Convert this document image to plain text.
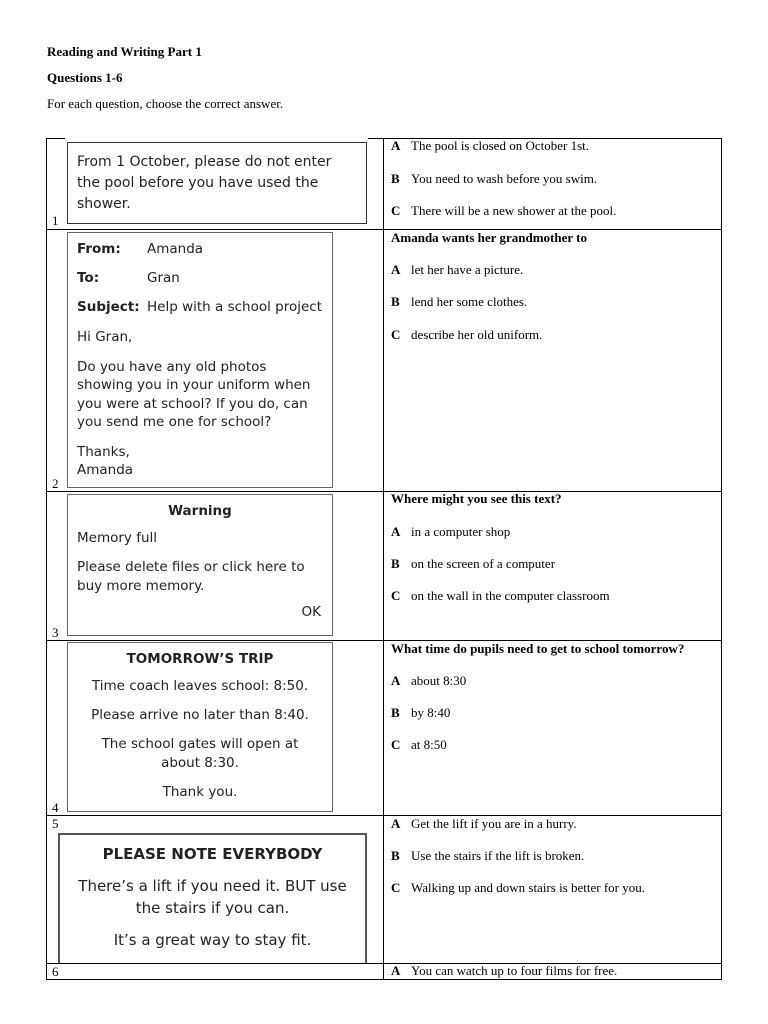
Reading and Writing Part 1
Questions 1-6
For each question, choose the correct answer.
1
2
3
4
5
6
From 1 October, please do not enter the pool before you have used the shower.
From:	Amanda
To:	Gran
Subject: Help with a school project

Hi Gran,

Do you have any old photos showing you in your uniform when you were at school? If you do, can you send me one for school?

Thanks,

Amanda

Warning

Memory full

Please delete files or click here to buy more memory.

OK
TOMORROW’S TRIP

Time coach leaves school: 8:50.

Please arrive no later than 8:40.

The school gates will open at about 8:30.

Thank you.

PLEASE NOTE EVERYBODY

There’s a lift if you need it. BUT use the stairs if you can.

It’s a great way to stay fit.

A The pool is closed on October 1st.
B You need to wash before you swim.
C There will be a new shower at the pool.
Amanda wants her grandmother to
A let her have a picture.
B lend her some clothes.
C describe her old uniform.
Where might you see this text?
A in a computer shop
B on the screen of a computer
C on the wall in the computer classroom
What time do pupils need to get to school tomorrow?
A about 8:30
B by 8:40
C at 8:50
A Get the lift if you are in a hurry.
B Use the stairs if the lift is broken.
C Walking up and down stairs is better for you.
A You can watch up to four films for free.
